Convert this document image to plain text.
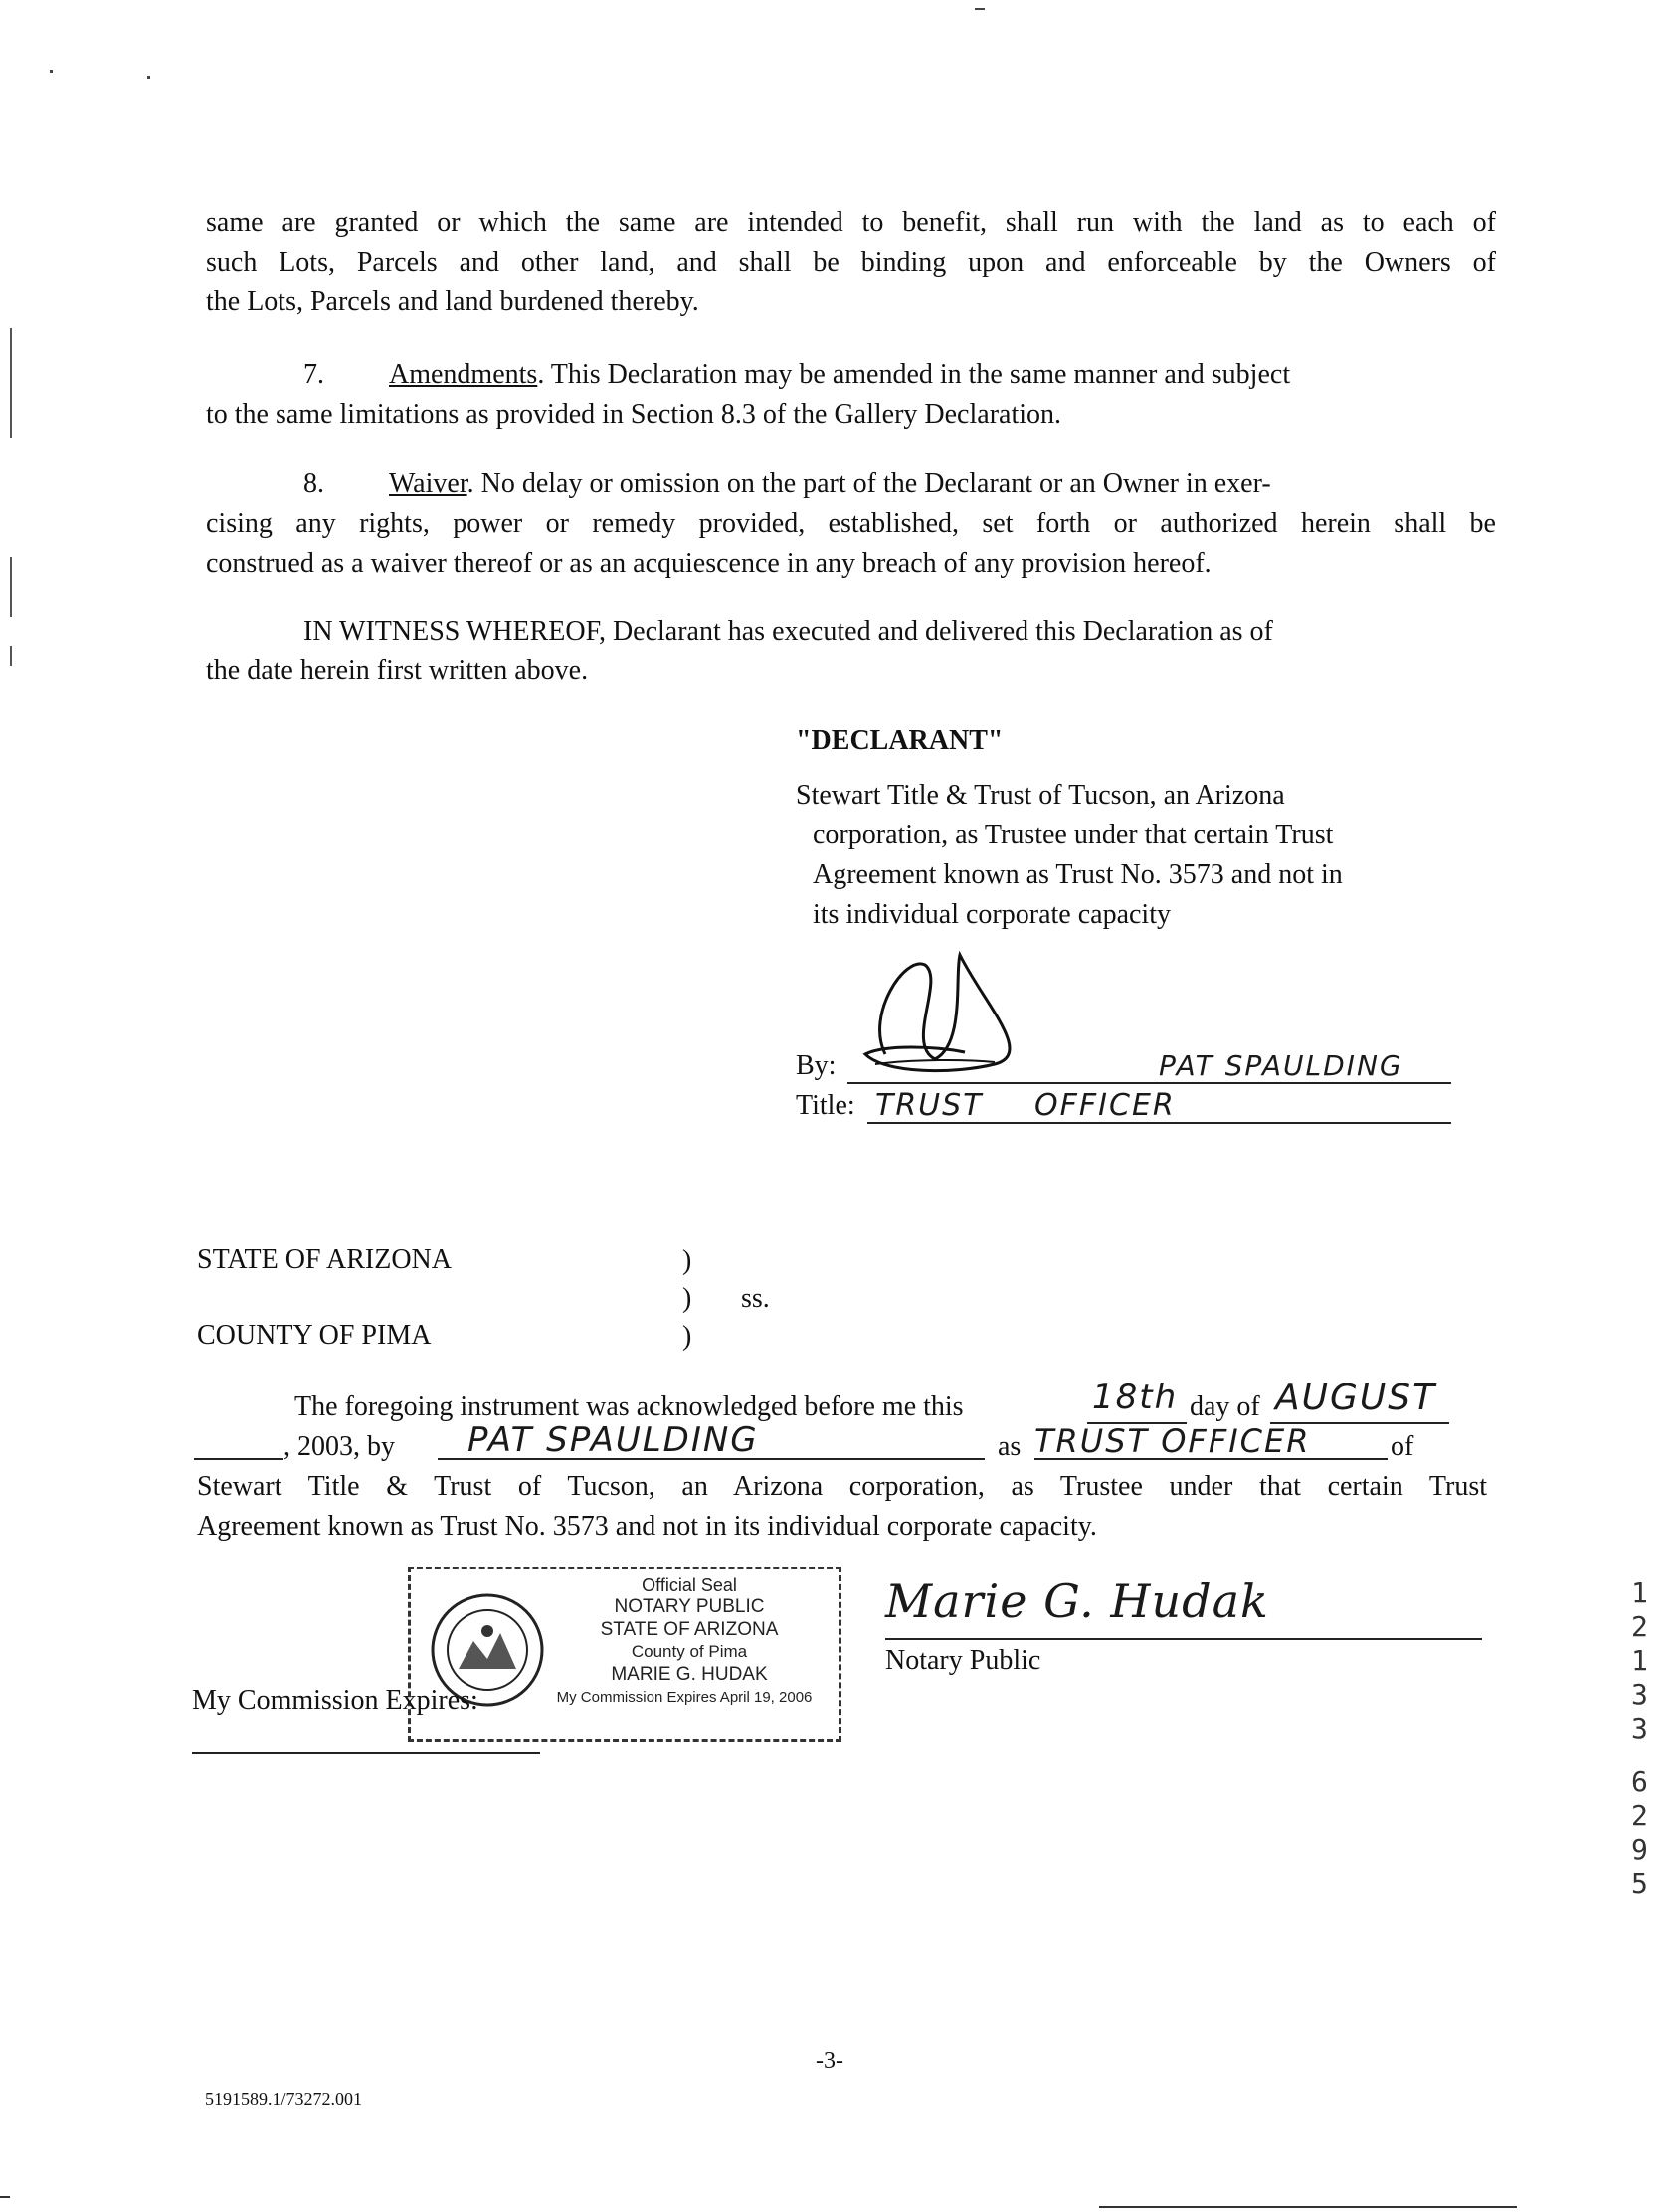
same are granted or which the same are intended to benefit, shall run with the land as to each of
such Lots, Parcels and other land, and shall be binding upon and enforceable by the Owners of
the Lots, Parcels and land burdened thereby.
7. Amendments. This Declaration may be amended in the same manner and subject
to the same limitations as provided in Section 8.3 of the Gallery Declaration.
8. Waiver. No delay or omission on the part of the Declarant or an Owner in exer-
cising any rights, power or remedy provided, established, set forth or authorized herein shall be
construed as a waiver thereof or as an acquiescence in any breach of any provision hereof.
IN WITNESS WHEREOF, Declarant has executed and delivered this Declaration as of
the date herein first written above.
"DECLARANT"
Stewart Title & Trust of Tucson, an Arizona
corporation, as Trustee under that certain Trust
Agreement known as Trust No. 3573 and not in
its individual corporate capacity
By:	PAT SPAULDING
Title: TRUST OFFICER
STATE OF ARIZONA	)
) ss.
COUNTY OF PIMA	)
The foregoing instrument was acknowledged before me this	18th day of AUGUST
, 2003, by PAT SPAULDING	as TRUST OFFICER	of
Stewart Title & Trust of Tucson, an Arizona corporation, as Trustee under that certain Trust
Agreement known as Trust No. 3573 and not in its individual corporate capacity.
Official Seal
NOTARY PUBLIC
STATE OF ARIZONA
County of Pima
MARIE G. HUDAK
My Commission Expires April 19, 2006
My Commission Expires:
Marie G. Hudak
Notary Public
1
2
1
3
3
6
2
9
5
-3-
5191589.1/73272.001
